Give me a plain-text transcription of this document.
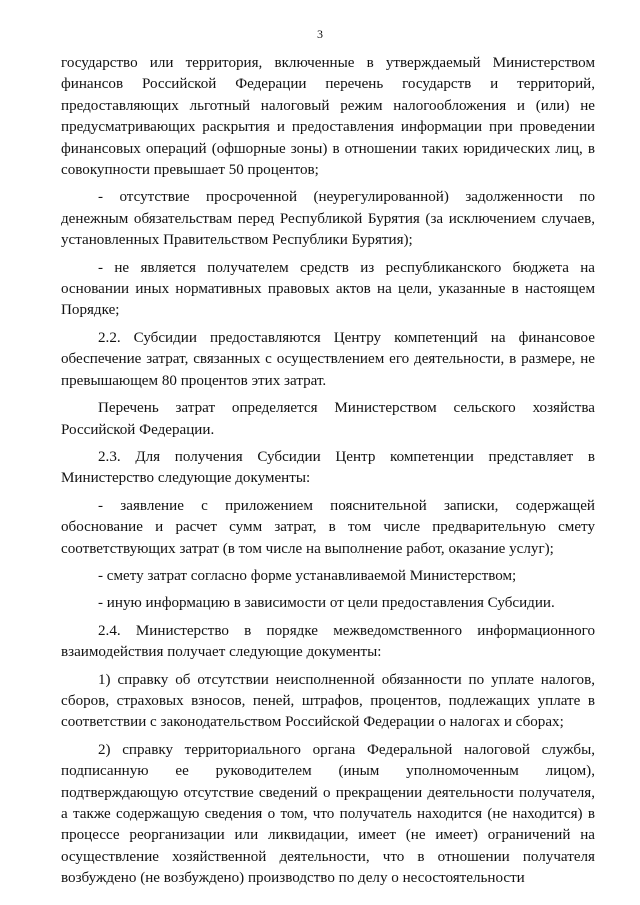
3

государство или территория, включенные в утверждаемый Министерством финансов Российской Федерации перечень государств и территорий, предоставляющих льготный налоговый режим налогообложения и (или) не предусматривающих раскрытия и предоставления информации при проведении финансовых операций (офшорные зоны) в отношении таких юридических лиц, в совокупности превышает 50 процентов;

- отсутствие просроченной (неурегулированной) задолженности по денежным обязательствам перед Республикой Бурятия (за исключением случаев, установленных Правительством Республики Бурятия);

- не является получателем средств из республиканского бюджета на основании иных нормативных правовых актов на цели, указанные в настоящем Порядке;

2.2. Субсидии предоставляются Центру компетенций на финансовое обеспечение затрат, связанных с осуществлением его деятельности, в размере, не превышающем 80 процентов этих затрат.

Перечень затрат определяется Министерством сельского хозяйства Российской Федерации.

2.3. Для получения Субсидии Центр компетенции представляет в Министерство следующие документы:

- заявление с приложением пояснительной записки, содержащей обоснование и расчет сумм затрат, в том числе предварительную смету соответствующих затрат (в том числе на выполнение работ, оказание услуг);

- смету затрат согласно форме устанавливаемой Министерством;

- иную информацию в зависимости от цели предоставления Субсидии.

2.4. Министерство в порядке межведомственного информационного взаимодействия получает следующие документы:

1) справку об отсутствии неисполненной обязанности по уплате налогов, сборов, страховых взносов, пеней, штрафов, процентов, подлежащих уплате в соответствии с законодательством Российской Федерации о налогах и сборах;

2) справку территориального органа Федеральной налоговой службы, подписанную ее руководителем (иным уполномоченным лицом), подтверждающую отсутствие сведений о прекращении деятельности получателя, а также содержащую сведения о том, что получатель находится (не находится) в процессе реорганизации или ликвидации, имеет (не имеет) ограничений на осуществление хозяйственной деятельности, что в отношении получателя возбуждено (не возбуждено) производство по делу о несостоятельности
